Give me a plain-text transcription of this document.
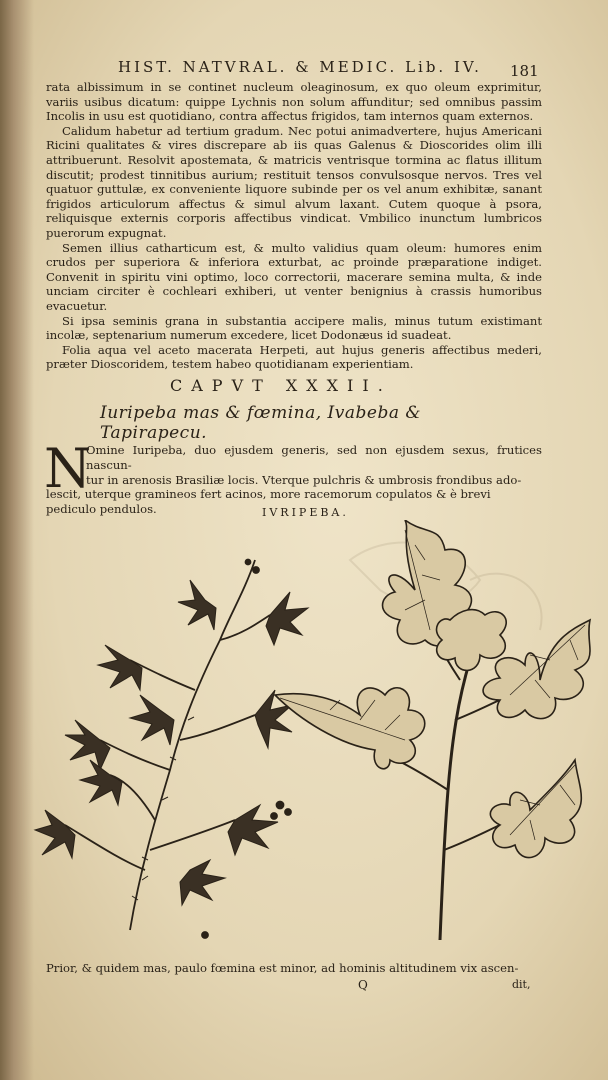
HIST. NATVRAL. & MEDIC. Lib. IV.	181

rata albissimum in se continet nucleum oleaginosum, ex quo oleum exprimitur, variis usibus dicatum: quippe Lychnis non solum affunditur; sed omnibus passim Incolis in usu est quotidiano, contra affectus frigidos, tam internos quam externos.

Calidum habetur ad tertium gradum. Nec potui animadvertere, hujus Americani Ricini qualitates & vires discrepare ab iis quas Galenus & Dioscorides olim illi attribuerunt. Resolvit apostemata, & matricis ventrisque tormina ac flatus illitum discutit; prodest tinnitibus aurium; restituit tensos convulsosque nervos. Tres vel quatuor guttulæ, ex conveniente liquore subinde per os vel anum exhibitæ, sanant frigidos articulorum affectus & simul alvum laxant. Cutem quoque à psora, reliquisque externis corporis affectibus vindicat. Vmbilico inunctum lumbricos puerorum expugnat.

Semen illius catharticum est, & multo validius quam oleum: humores enim crudos per superiora & inferiora exturbat, ac proinde præparatione indiget. Convenit in spiritu vini optimo, loco correctorii, macerare semina multa, & inde unciam circiter è cochleari exhiberi, ut venter benignius à crassis humoribus evacuetur.

Si ipsa seminis grana in substantia accipere malis, minus tutum existimant incolæ, septenarium numerum excedere, licet Dodonæus id suadeat.

Folia aqua vel aceto macerata Herpeti, aut hujus generis affectibus mederi, præter Dioscoridem, testem habeo quotidianam experientiam.

CAPVT XXXII.
Iuripeba mas & fœmina, Ivabeba & Tapirapecu.
N
Omine Iuripeba, duo ejusdem generis, sed non ejusdem sexus, frutices nascun-
tur in arenosis Brasiliæ locis. Vterque pulchris & umbrosis frondibus ado-
lescit, uterque gramineos fert acinos, more racemorum copulatos & è brevi
pediculo pendulos.	IVRIPEBA.
Prior, & quidem mas, paulo fœmina est minor, ad hominis altitudinem vix ascen-
Q	dit,
